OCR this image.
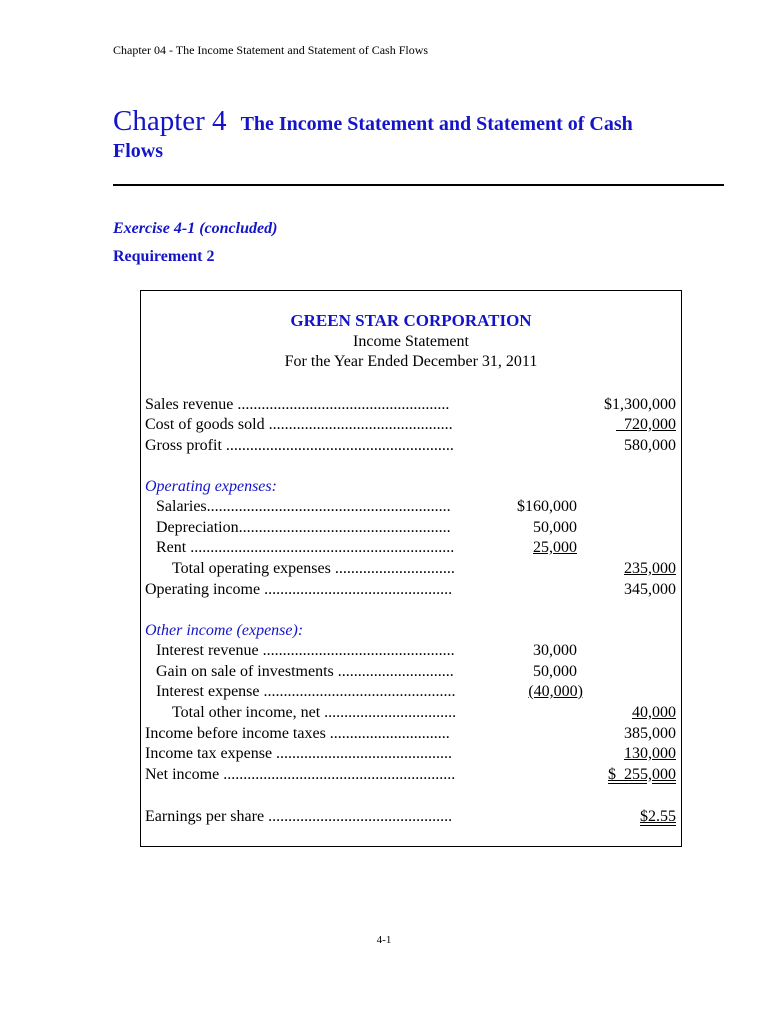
Chapter 04 - The Income Statement and Statement of Cash Flows
Chapter 4 The Income Statement and Statement of Cash
Flows
Exercise 4-1 (concluded)
Requirement 2
GREEN STAR CORPORATION
Income Statement
For the Year Ended December 31, 2011
Sales revenue .....................................................	$1,300,000
Cost of goods sold ..............................................	720,000
Gross profit .........................................................	580,000
Operating expenses:
Salaries.............................................................	$160,000
Depreciation.....................................................	50,000
Rent ..................................................................	25,000
Total operating expenses ..............................	235,000
Operating income ...............................................	345,000
Other income (expense):
Interest revenue ................................................	30,000
Gain on sale of investments .............................	50,000
Interest expense ................................................	(40,000)
Total other income, net .................................	40,000
Income before income taxes ..............................	385,000
Income tax expense ............................................	130,000
Net income ..........................................................	$  255,000
Earnings per share ..............................................	$2.55
4-1
